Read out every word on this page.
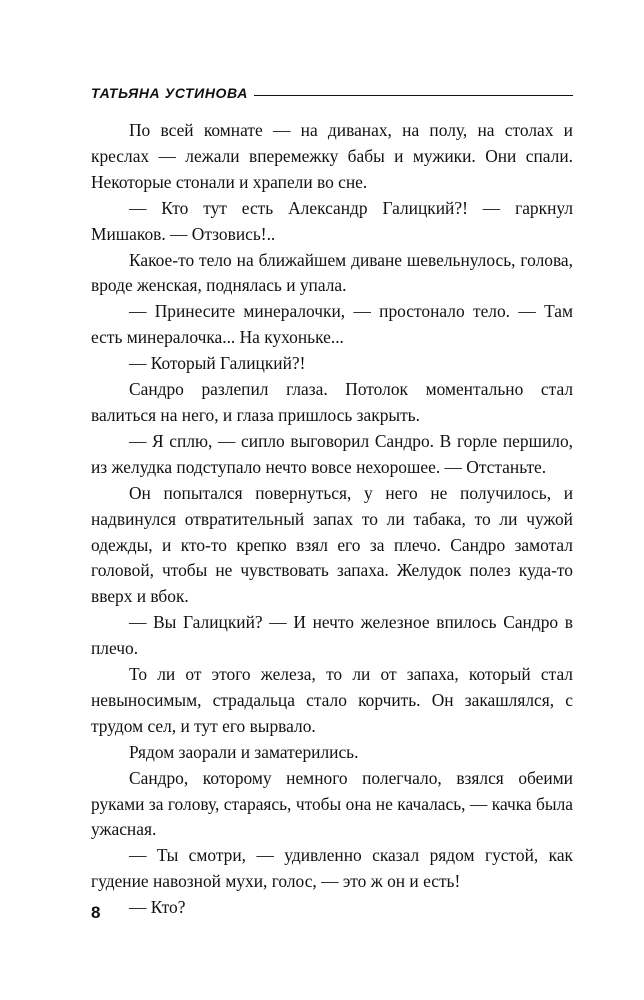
ТАТЬЯНА УСТИНОВА

По всей комнате — на диванах, на полу, на столах и креслах — лежали вперемежку бабы и мужики. Они спали. Некоторые стонали и храпели во сне.

— Кто тут есть Александр Галицкий?! — гаркнул Мишаков. — Отзовись!..

Какое-то тело на ближайшем диване шевельнулось, голова, вроде женская, поднялась и упала.

— Принесите минералочки, — простонало тело. — Там есть минералочка... На кухоньке...

— Который Галицкий?!

Сандро разлепил глаза. Потолок моментально стал валиться на него, и глаза пришлось закрыть.

— Я сплю, — сипло выговорил Сандро. В горле першило, из желудка подступало нечто вовсе нехорошее. — Отстаньте.

Он попытался повернуться, у него не получилось, и надвинулся отвратительный запах то ли табака, то ли чужой одежды, и кто-то крепко взял его за плечо. Сандро замотал головой, чтобы не чувствовать запаха. Желудок полез куда-то вверх и вбок.

— Вы Галицкий? — И нечто железное впилось Сандро в плечо.

То ли от этого железа, то ли от запаха, который стал невыносимым, страдальца стало корчить. Он закашлялся, с трудом сел, и тут его вырвало.

Рядом заорали и заматерились.

Сандро, которому немного полегчало, взялся обеими руками за голову, стараясь, чтобы она не качалась, — качка была ужасная.

— Ты смотри, — удивленно сказал рядом густой, как гудение навозной мухи, голос, — это ж он и есть!

— Кто?

8
